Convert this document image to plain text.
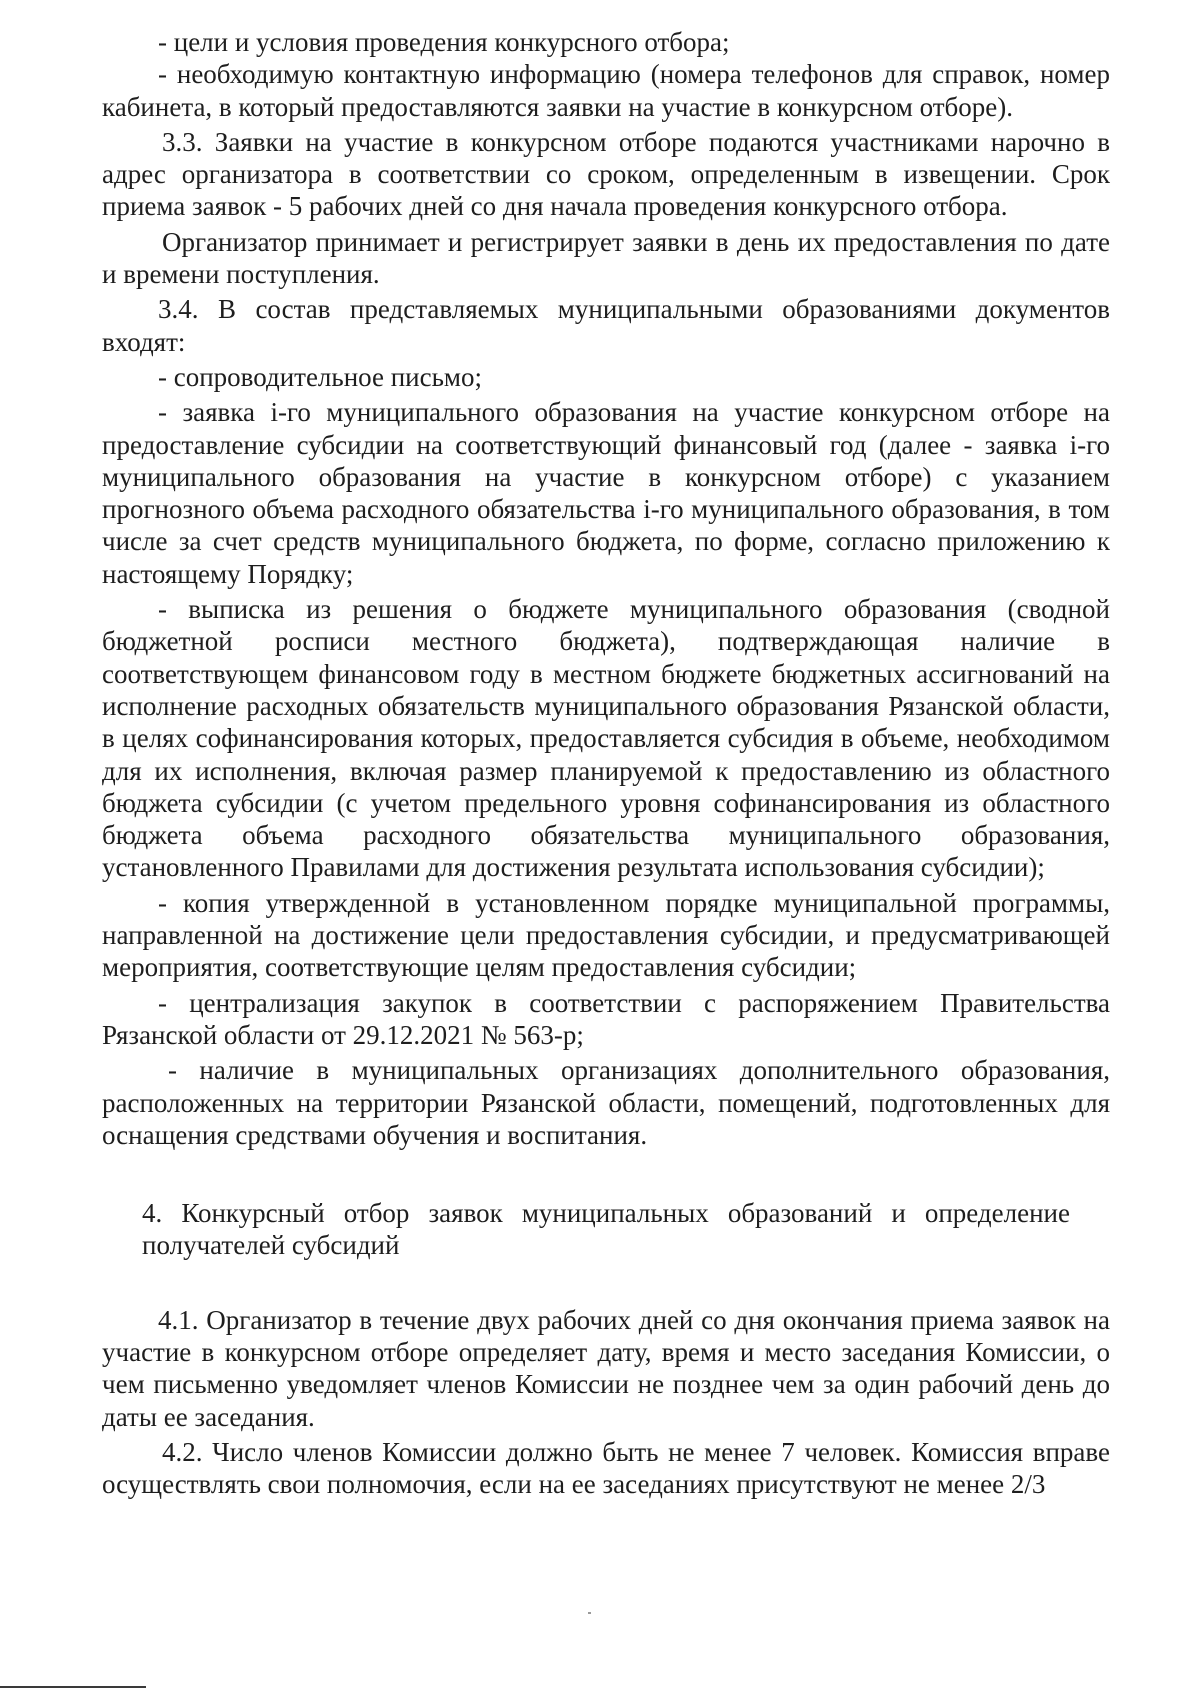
- цели и условия проведения конкурсного отбора;

- необходимую контактную информацию (номера телефонов для справок, номер кабинета, в который предоставляются заявки на участие в конкурсном отборе).

3.3. Заявки на участие в конкурсном отборе подаются участниками нарочно в адрес организатора в соответствии со сроком, определенным в извещении. Срок приема заявок - 5 рабочих дней со дня начала проведения конкурсного отбора.

Организатор принимает и регистрирует заявки в день их предоставления по дате и времени поступления.

3.4. В состав представляемых муниципальными образованиями документов входят:

- сопроводительное письмо;

- заявка i-го муниципального образования на участие конкурсном отборе на предоставление субсидии на соответствующий финансовый год (далее - заявка i-го муниципального образования на участие в конкурсном отборе) с указанием прогнозного объема расходного обязательства i-го муниципального образования, в том числе за счет средств муниципального бюджета, по форме, согласно приложению к настоящему Порядку;

- выписка из решения о бюджете муниципального образования (сводной бюджетной росписи местного бюджета), подтверждающая наличие в соответствующем финансовом году в местном бюджете бюджетных ассигнований на исполнение расходных обязательств муниципального образования Рязанской области, в целях софинансирования которых, предоставляется субсидия в объеме, необходимом для их исполнения, включая размер планируемой к предоставлению из областного бюджета субсидии (с учетом предельного уровня софинансирования из областного бюджета объема расходного обязательства муниципального образования, установленного Правилами для достижения результата использования субсидии);

- копия утвержденной в установленном порядке муниципальной программы, направленной на достижение цели предоставления субсидии, и предусматривающей мероприятия, соответствующие целям предоставления субсидии;

- централизация закупок в соответствии с распоряжением Правительства Рязанской области от 29.12.2021 № 563-р;

- наличие в муниципальных организациях дополнительного образования, расположенных на территории Рязанской области, помещений, подготовленных для оснащения средствами обучения и воспитания.

4. Конкурсный отбор заявок муниципальных образований и определение получателей субсидий

4.1. Организатор в течение двух рабочих дней со дня окончания приема заявок на участие в конкурсном отборе определяет дату, время и место заседания Комиссии, о чем письменно уведомляет членов Комиссии не позднее чем за один рабочий день до даты ее заседания.

4.2. Число членов Комиссии должно быть не менее 7 человек. Комиссия вправе осуществлять свои полномочия, если на ее заседаниях присутствуют не менее 2/3
